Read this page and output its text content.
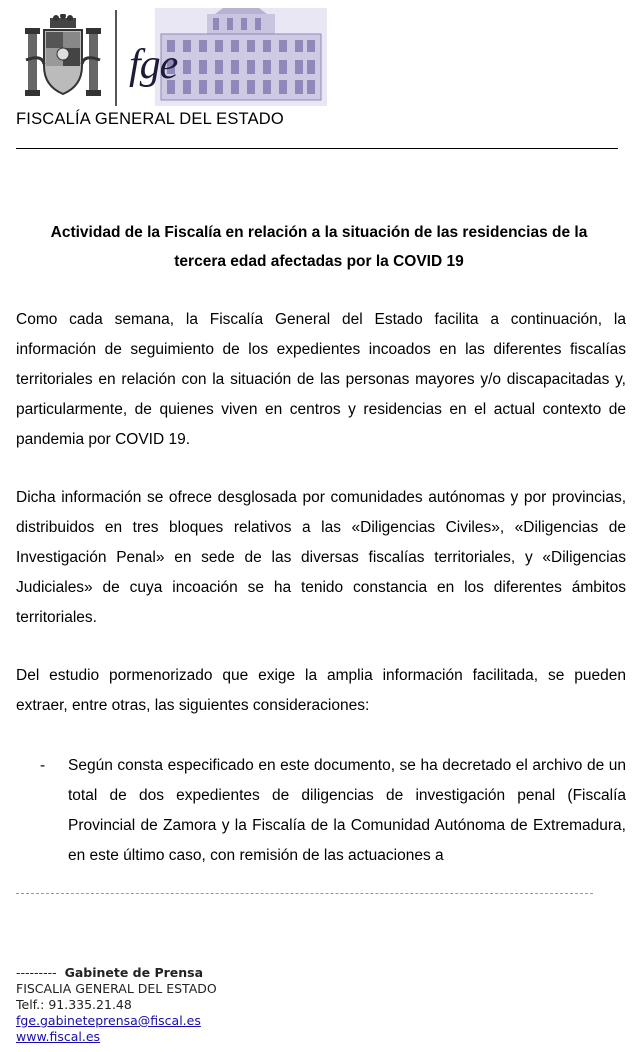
fge
FISCALÍA GENERAL DEL ESTADO
Actividad de la Fiscalía en relación a la situación de las residencias de la
tercera edad afectadas por la COVID 19
Como cada semana, la Fiscalía General del Estado facilita a continuación, la información de seguimiento de los expedientes incoados en las diferentes fiscalías territoriales en relación con la situación de las personas mayores y/o discapacitadas y, particularmente, de quienes viven en centros y residencias en el actual contexto de pandemia por COVID 19.
Dicha información se ofrece desglosada por comunidades autónomas y por provincias, distribuidos en tres bloques relativos a las «Diligencias Civiles», «Diligencias de Investigación Penal» en sede de las diversas fiscalías territoriales, y «Diligencias Judiciales» de cuya incoación se ha tenido constancia en los diferentes ámbitos territoriales.
Del estudio pormenorizado que exige la amplia información facilitada, se pueden extraer, entre otras, las siguientes consideraciones:
- Según consta especificado en este documento, se ha decretado el archivo de un total de dos expedientes de diligencias de investigación penal (Fiscalía Provincial de Zamora y la Fiscalía de la Comunidad Autónoma de Extremadura, en este último caso, con remisión de las actuaciones a
--------- Gabinete de Prensa
FISCALIA GENERAL DEL ESTADO
Telf.: 91.335.21.48
fge.gabineteprensa@fiscal.es
www.fiscal.es
